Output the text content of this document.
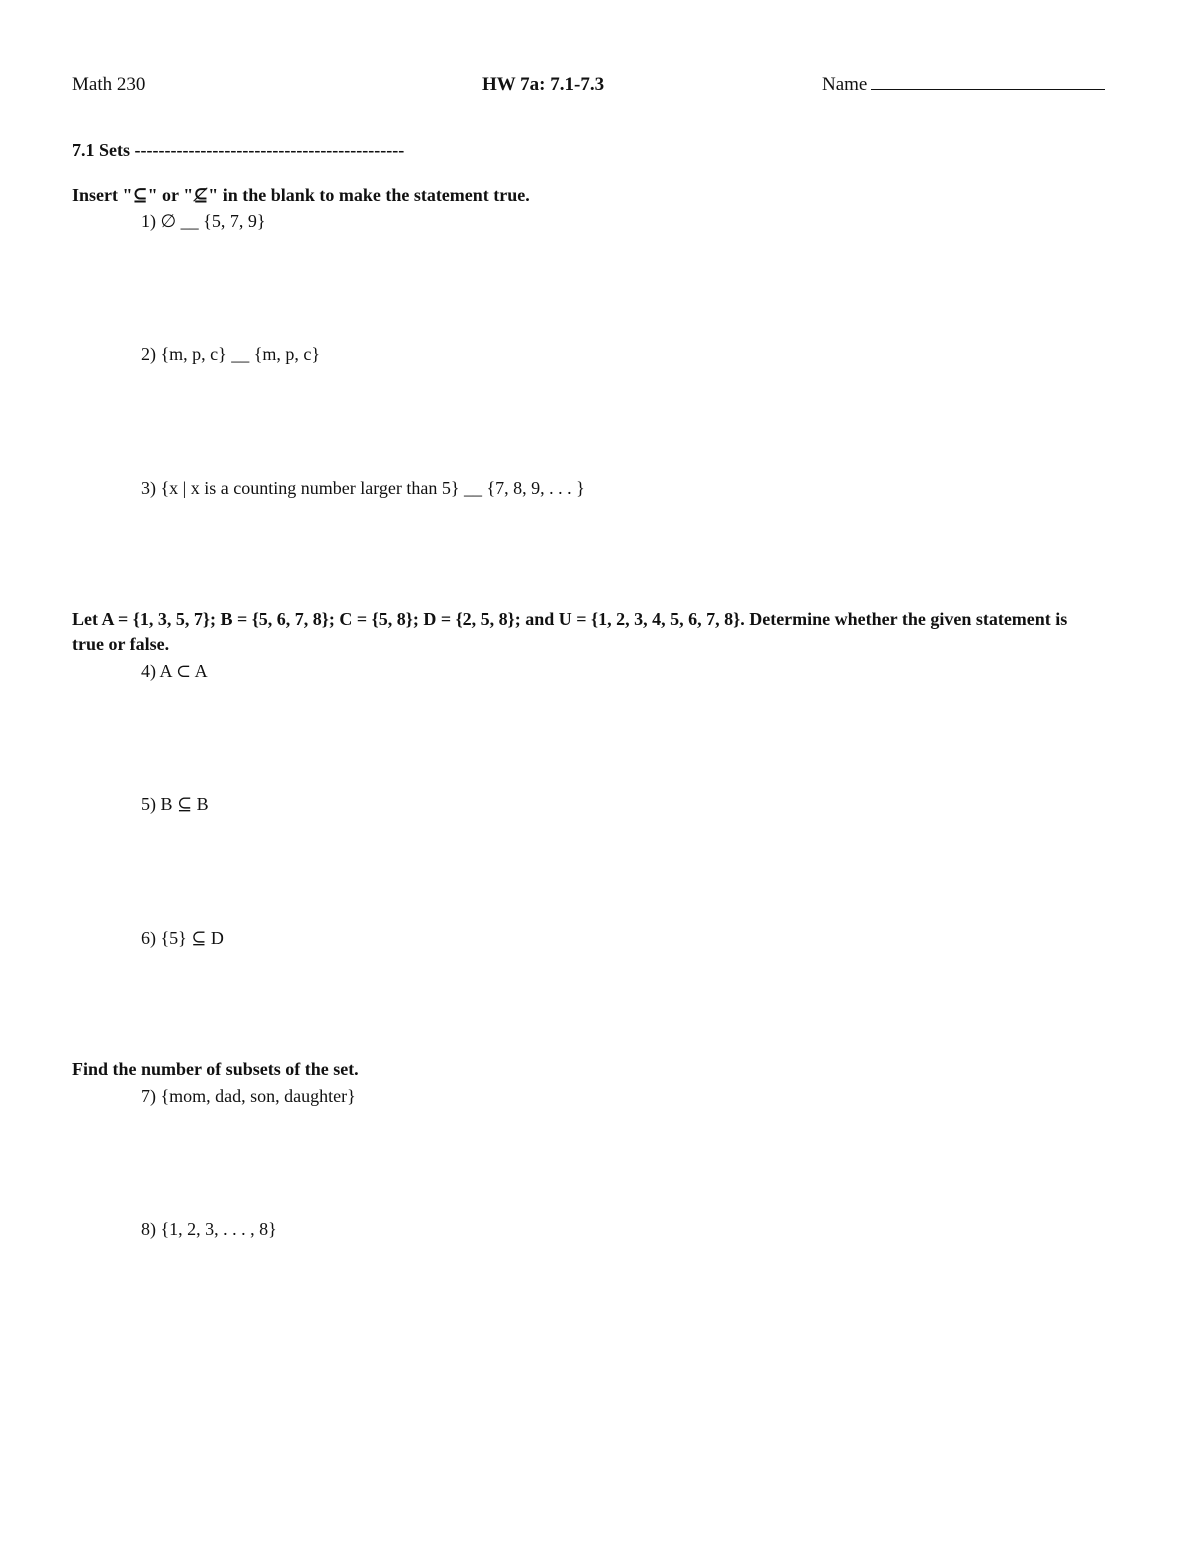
Math 230	HW 7a: 7.1-7.3	Name
7.1 Sets ---------------------------------------------
Insert "⊆" or "⊈" in the blank to make the statement true.
1) ∅ __ {5, 7, 9}
2) {m, p, c} __ {m, p, c}
3) {x | x is a counting number larger than 5} __ {7, 8, 9, . . . }
Let A = {1, 3, 5, 7}; B = {5, 6, 7, 8}; C = {5, 8}; D = {2, 5, 8}; and U = {1, 2, 3, 4, 5, 6, 7, 8}. Determine whether the given statement is true or false.
4) A ⊂ A
5) B ⊆ B
6) {5} ⊆ D
Find the number of subsets of the set.
7) {mom, dad, son, daughter}
8) {1, 2, 3, . . . , 8}
